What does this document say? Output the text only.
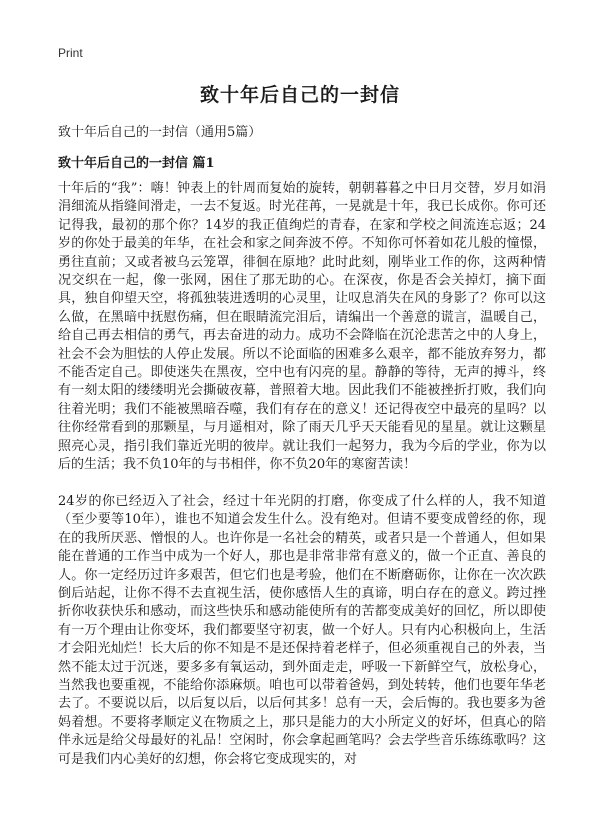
Print
致十年后自己的一封信

致十年后自己的一封信（通用5篇）

致十年后自己的一封信 篇1

十年后的“我”：嗨！钟表上的针周而复始的旋转，朝朝暮暮之中日月交替，岁月如涓涓细流从指缝间滑走，一去不复返。时光荏苒，一晃就是十年，我已长成你。你可还记得我，最初的那个你？14岁的我正值绚烂的青春，在家和学校之间流连忘返；24岁的你处于最美的年华，在社会和家之间奔波不停。不知你可怀着如花儿般的憧憬，勇往直前；又或者被乌云笼罩，徘徊在原地？此时此刻，刚毕业工作的你，这两种情况交织在一起，像一张网，困住了那无助的心。在深夜，你是否会关掉灯，摘下面具，独自仰望天空，将孤独装进透明的心灵里，让叹息消失在风的身影了？你可以这么做，在黑暗中抚慰伤痛，但在眼睛流完泪后，请编出一个善意的谎言，温暖自己，给自己再去相信的勇气，再去奋进的动力。成功不会降临在沉沦悲苦之中的人身上，社会不会为胆怯的人停止发展。所以不论面临的困难多么艰辛，都不能放弃努力，都不能否定自己。即使迷失在黑夜，空中也有闪亮的星。静静的等待，无声的搏斗，终有一刻太阳的缕缕明光会撕破夜幕，普照着大地。因此我们不能被挫折打败，我们向往着光明；我们不能被黑暗吞噬，我们有存在的意义！还记得夜空中最亮的星吗？以往你经常看到的那颗星，与月遥相对，除了雨天几乎天天能看见的星星。就让这颗星照亮心灵，指引我们靠近光明的彼岸。就让我们一起努力，我为今后的学业，你为以后的生活；我不负10年的与书相伴，你不负20年的寒窗苦读！

24岁的你已经迈入了社会，经过十年光阴的打磨，你变成了什么样的人，我不知道（至少要等10年），谁也不知道会发生什么。没有绝对。但请不要变成曾经的你，现在的我所厌恶、憎恨的人。也许你是一名社会的精英，或者只是一个普通人，但如果能在普通的工作当中成为一个好人，那也是非常非常有意义的，做一个正直、善良的人。你一定经历过许多艰苦，但它们也是考验，他们在不断磨砺你，让你在一次次跌倒后站起，让你不得不去直视生活，使你感悟人生的真谛，明白存在的意义。跨过挫折你收获快乐和感动，而这些快乐和感动能使所有的苦都变成美好的回忆，所以即使有一万个理由让你变坏，我们都要坚守初衷，做一个好人。只有内心积极向上，生活才会阳光灿烂！长大后的你不知是不是还保持着老样子，但必须重视自己的外表，当然不能太过于沉迷，要多多有氧运动，到外面走走，呼吸一下新鲜空气，放松身心，当然我也要重视，不能给你添麻烦。咱也可以带着爸妈，到处转转，他们也要年华老去了。不要说以后，以后复以后，以后何其多！总有一天，会后悔的。我也要多为爸妈着想。不要将孝顺定义在物质之上，那只是能力的大小所定义的好坏，但真心的陪伴永远是给父母最好的礼品！空闲时，你会拿起画笔吗？会去学些音乐练练歌吗？这可是我们内心美好的幻想，你会将它变成现实的，对
